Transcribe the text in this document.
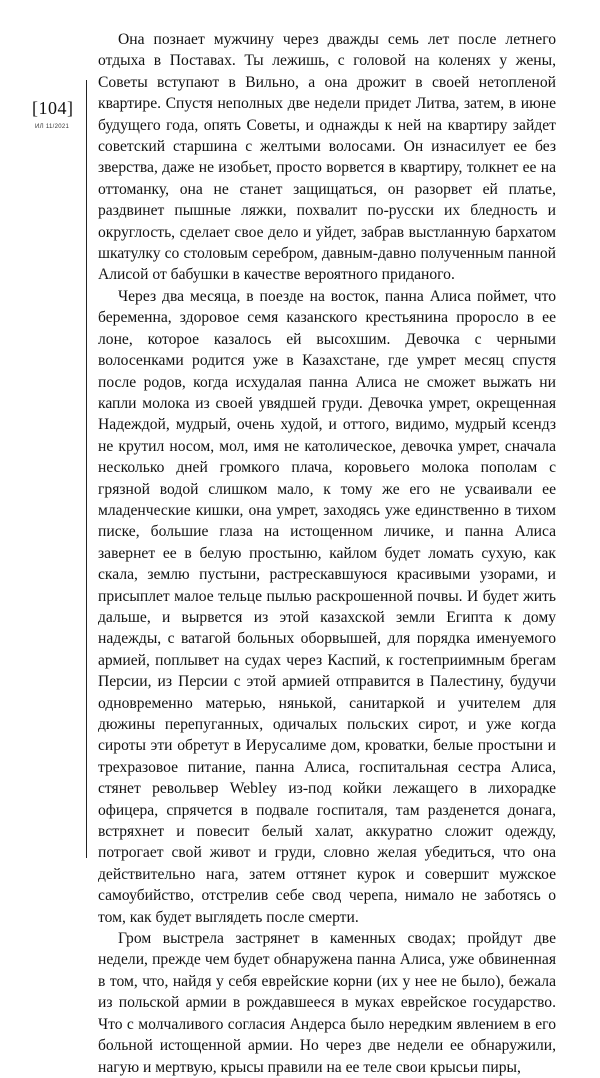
[104]
ИЛ 11/2021

Она познает мужчину через дважды семь лет после летнего отдыха в Поставах. Ты лежишь, с головой на коленях у жены, Советы вступают в Вильно, а она дрожит в своей нетопленой квартире. Спустя неполных две недели придет Литва, затем, в июне будущего года, опять Советы, и однажды к ней на квартиру зайдет советский старшина с желтыми волосами. Он изнасилует ее без зверства, даже не изобьет, просто ворвется в квартиру, толкнет ее на оттоманку, она не станет защищаться, он разорвет ей платье, раздвинет пышные ляжки, похвалит по-русски их бледность и округлость, сделает свое дело и уйдет, забрав выстланную бархатом шкатулку со столовым серебром, давным-давно полученным панной Алисой от бабушки в качестве вероятного приданого.

Через два месяца, в поезде на восток, панна Алиса поймет, что беременна, здоровое семя казанского крестьянина проросло в ее лоне, которое казалось ей высохшим. Девочка с черными волосенками родится уже в Казахстане, где умрет месяц спустя после родов, когда исхудалая панна Алиса не сможет выжать ни капли молока из своей увядшей груди. Девочка умрет, окрещенная Надеждой, мудрый, очень худой, и оттого, видимо, мудрый ксендз не крутил носом, мол, имя не католическое, девочка умрет, сначала несколько дней громкого плача, коровьего молока пополам с грязной водой слишком мало, к тому же его не усваивали ее младенческие кишки, она умрет, заходясь уже единственно в тихом писке, большие глаза на истощенном личике, и панна Алиса завернет ее в белую простыню, кайлом будет ломать сухую, как скала, землю пустыни, растрескавшуюся красивыми узорами, и присыплет малое тельце пылью раскрошенной почвы. И будет жить дальше, и вырвется из этой казахской земли Египта к дому надежды, с ватагой больных оборвышей, для порядка именуемого армией, поплывет на судах через Каспий, к гостеприимным брегам Персии, из Персии с этой армией отправится в Палестину, будучи одновременно матерью, нянькой, санитаркой и учителем для дюжины перепуганных, одичалых польских сирот, и уже когда сироты эти обретут в Иерусалиме дом, кроватки, белые простыни и трехразовое питание, панна Алиса, госпитальная сестра Алиса, стянет револьвер Webley из-под койки лежащего в лихорадке офицера, спрячется в подвале госпиталя, там разденется донага, встряхнет и повесит белый халат, аккуратно сложит одежду, потрогает свой живот и груди, словно желая убедиться, что она действительно нага, затем оттянет курок и совершит мужское самоубийство, отстрелив себе свод черепа, нимало не заботясь о том, как будет выглядеть после смерти.

Гром выстрела застрянет в каменных сводах; пройдут две недели, прежде чем будет обнаружена панна Алиса, уже обвиненная в том, что, найдя у себя еврейские корни (их у нее не было), бежала из польской армии в рождавшееся в муках еврейское государство. Что с молчаливого согласия Андерса было нередким явлением в его больной истощенной армии. Но через две недели ее обнаружили, нагую и мертвую, крысы правили на ее теле свои крысьи пиры,
